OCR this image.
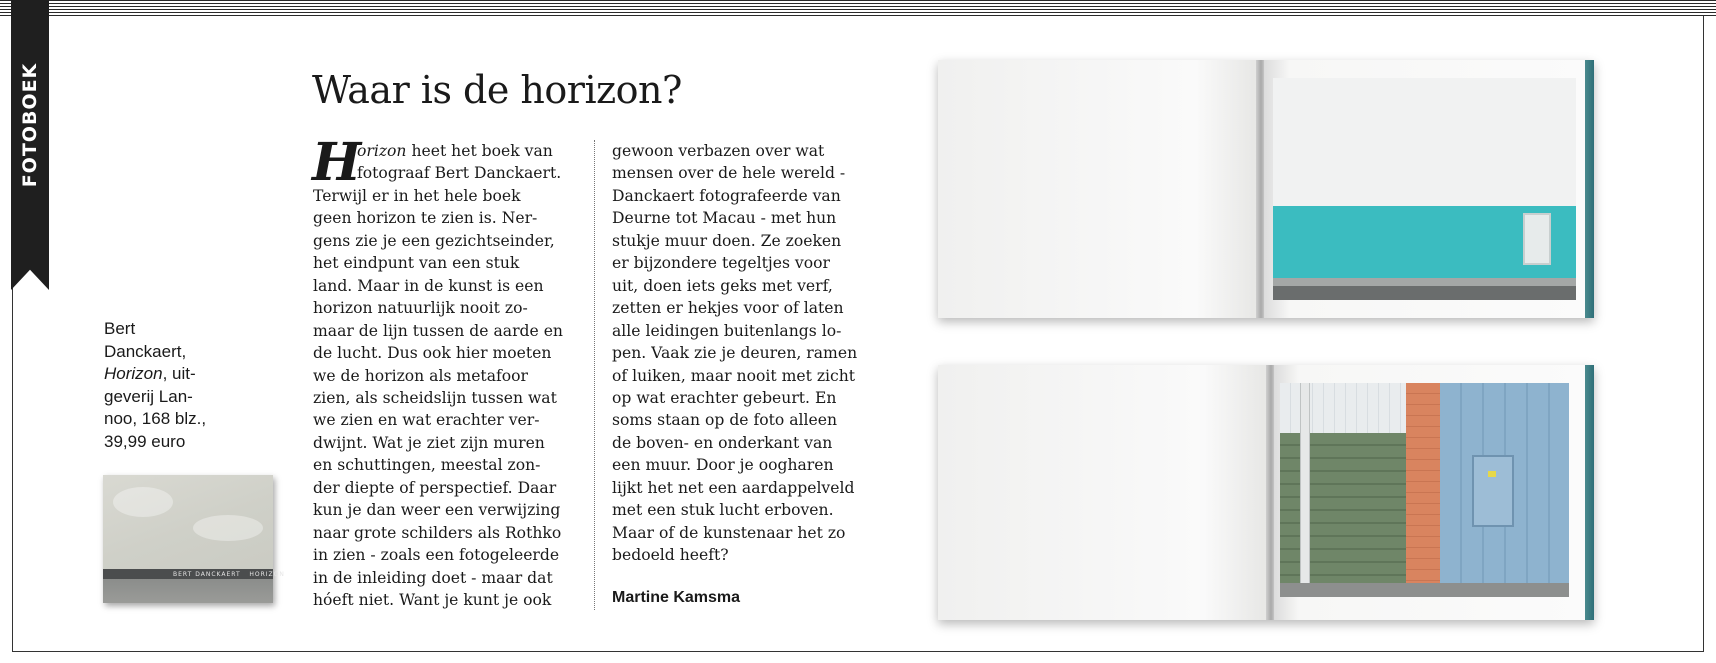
FOTOBOEK
Bert
Danckaert,
Horizon, uit-
geverij Lan-
noo, 168 blz.,
39,99 euro
BERT DANCKAERT HORIZON
Waar is de horizon?
H
orizon heet het boek van
fotograaf Bert Danckaert.
Terwijl er in het hele boek
geen horizon te zien is. Ner-
gens zie je een gezichtseinder,
het eindpunt van een stuk
land. Maar in de kunst is een
horizon natuurlijk nooit zo-
maar de lijn tussen de aarde en
de lucht. Dus ook hier moeten
we de horizon als metafoor
zien, als scheidslijn tussen wat
we zien en wat erachter ver-
dwijnt. Wat je ziet zijn muren
en schuttingen, meestal zon-
der diepte of perspectief. Daar
kun je dan weer een verwijzing
naar grote schilders als Rothko
in zien - zoals een fotogeleerde
in de inleiding doet - maar dat
hóeft niet. Want je kunt je ook
gewoon verbazen over wat
mensen over de hele wereld -
Danckaert fotografeerde van
Deurne tot Macau - met hun
stukje muur doen. Ze zoeken
er bijzondere tegeltjes voor
uit, doen iets geks met verf,
zetten er hekjes voor of laten
alle leidingen buitenlangs lo-
pen. Vaak zie je deuren, ramen
of luiken, maar nooit met zicht
op wat erachter gebeurt. En
soms staan op de foto alleen
de boven- en onderkant van
een muur. Door je oogharen
lijkt het net een aardappelveld
met een stuk lucht erboven.
Maar of de kunstenaar het zo
bedoeld heeft?
Martine Kamsma
